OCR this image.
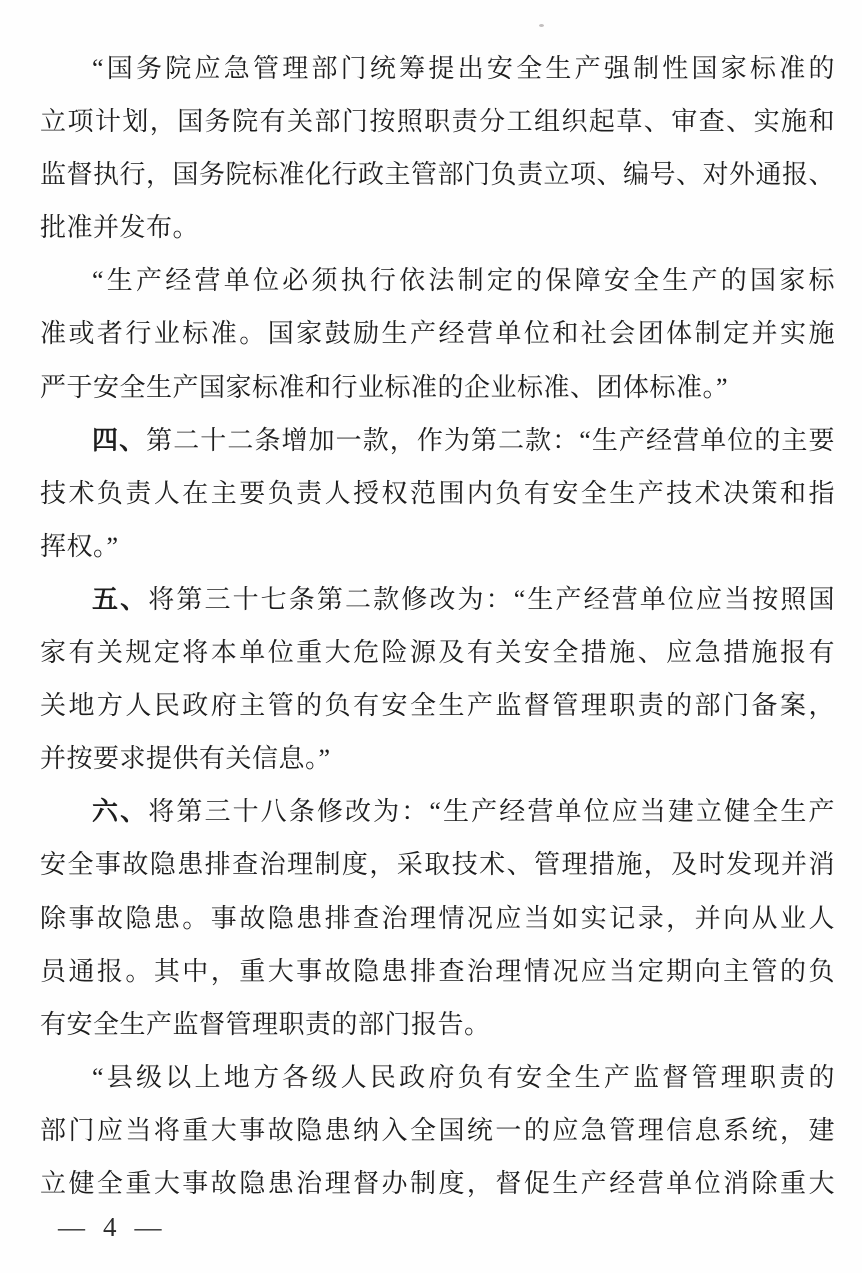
“国务院应急管理部门统筹提出安全生产强制性国家标准的
立项计划，国务院有关部门按照职责分工组织起草、审查、实施和
监督执行，国务院标准化行政主管部门负责立项、编号、对外通报、
批准并发布。
“生产经营单位必须执行依法制定的保障安全生产的国家标
准或者行业标准。国家鼓励生产经营单位和社会团体制定并实施
严于安全生产国家标准和行业标准的企业标准、团体标准。”
四、第二十二条增加一款，作为第二款：“生产经营单位的主要
技术负责人在主要负责人授权范围内负有安全生产技术决策和指
挥权。”
五、将第三十七条第二款修改为：“生产经营单位应当按照国
家有关规定将本单位重大危险源及有关安全措施、应急措施报有
关地方人民政府主管的负有安全生产监督管理职责的部门备案，
并按要求提供有关信息。”
六、将第三十八条修改为：“生产经营单位应当建立健全生产
安全事故隐患排查治理制度，采取技术、管理措施，及时发现并消
除事故隐患。事故隐患排查治理情况应当如实记录，并向从业人
员通报。其中，重大事故隐患排查治理情况应当定期向主管的负
有安全生产监督管理职责的部门报告。
“县级以上地方各级人民政府负有安全生产监督管理职责的
部门应当将重大事故隐患纳入全国统一的应急管理信息系统，建
立健全重大事故隐患治理督办制度，督促生产经营单位消除重大
— 4 —
